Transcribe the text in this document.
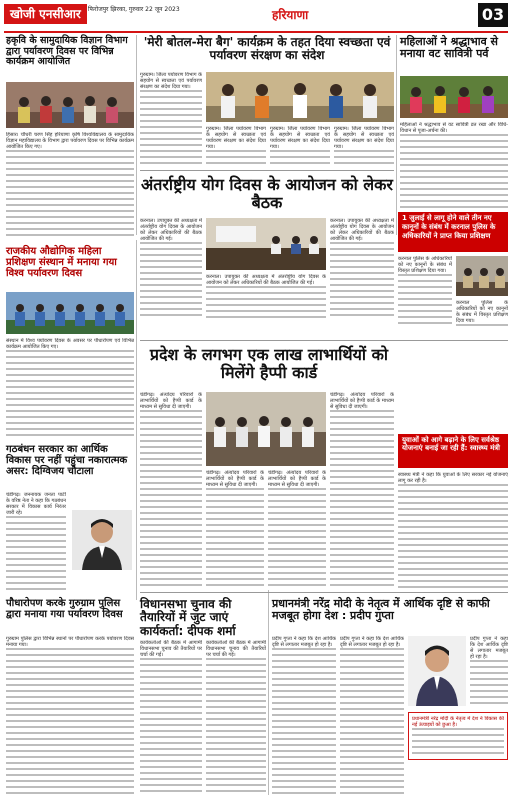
खोजी एनसीआर	फिरोजपुर झिरका, गुरुवार 22 जून 2023	हरियाणा	03
हकृवि के सामुदायिक विज्ञान विभाग द्वारा पर्यावरण दिवस पर विभिन्न कार्यक्रम आयोजित
हिसार। चौधरी चरण सिंह हरियाणा कृषि विश्वविद्यालय के सामुदायिक विज्ञान महाविद्यालय के विभाग द्वारा पर्यावरण दिवस पर विभिन्न कार्यक्रम आयोजित किए गए।
'मेरी बोतल-मेरा बैग' कार्यक्रम के तहत दिया स्वच्छता एवं पर्यावरण संरक्षण का संदेश
गुरुग्राम। जिला पर्यावरण विभाग के सहयोग से स्वच्छता एवं पर्यावरण संरक्षण का संदेश दिया गया।
गुरुग्राम। जिला पर्यावरण विभाग के सहयोग से स्वच्छता एवं पर्यावरण संरक्षण का संदेश दिया गया।
गुरुग्राम। जिला पर्यावरण विभाग के सहयोग से स्वच्छता एवं पर्यावरण संरक्षण का संदेश दिया गया।
गुरुग्राम। जिला पर्यावरण विभाग के सहयोग से स्वच्छता एवं पर्यावरण संरक्षण का संदेश दिया गया।
महिलाओं ने श्रद्धाभाव से मनाया वट सावित्री पर्व
महिलाओं ने श्रद्धाभाव से वट सावित्री व्रत रखा और विधि-विधान से पूजा-अर्चना की।
अंतर्राष्ट्रीय योग दिवस के आयोजन को लेकर बैठक
करनाल। उपायुक्त की अध्यक्षता में अंतर्राष्ट्रीय योग दिवस के आयोजन को लेकर अधिकारियों की बैठक आयोजित की गई।
करनाल। उपायुक्त की अध्यक्षता में अंतर्राष्ट्रीय योग दिवस के आयोजन को लेकर अधिकारियों की बैठक आयोजित की गई।
करनाल। उपायुक्त की अध्यक्षता में अंतर्राष्ट्रीय योग दिवस के आयोजन को लेकर अधिकारियों की बैठक आयोजित की गई।
1 जुलाई से लागू होने वाले तीन नए कानूनों के संबंध में करनाल पुलिस के अधिकारियों ने प्राप्त किया प्रशिक्षण
करनाल पुलिस के अधिकारियों को नए कानूनों के संबंध में विस्तृत प्रशिक्षण दिया गया।
करनाल पुलिस के अधिकारियों को नए कानूनों के संबंध में विस्तृत प्रशिक्षण दिया गया।
राजकीय औद्योगिक महिला प्रशिक्षण संस्थान में मनाया गया विश्व पर्यावरण दिवस
संस्थान में विश्व पर्यावरण दिवस के अवसर पर पौधारोपण एवं विभिन्न कार्यक्रम आयोजित किए गए।
गठबंधन सरकार का आर्थिक विकास पर नहीं पहुंचा नकारात्मक असर: दिग्विजय चौटाला
चंडीगढ़। जननायक जनता पार्टी के वरिष्ठ नेता ने कहा कि गठबंधन सरकार में विकास कार्य निरंतर जारी रहे।
प्रदेश के लगभग एक लाख लाभार्थियों को मिलेंगे हैप्पी कार्ड
चंडीगढ़। अंत्योदय परिवारों के लाभार्थियों को हैप्पी कार्ड के माध्यम से सुविधा दी जाएगी।
चंडीगढ़। अंत्योदय परिवारों के लाभार्थियों को हैप्पी कार्ड के माध्यम से सुविधा दी जाएगी।
चंडीगढ़। अंत्योदय परिवारों के लाभार्थियों को हैप्पी कार्ड के माध्यम से सुविधा दी जाएगी।
चंडीगढ़। अंत्योदय परिवारों के लाभार्थियों को हैप्पी कार्ड के माध्यम से सुविधा दी जाएगी।
युवाओं को आगे बढ़ाने के लिए सर्वश्रेष्ठ योजनाएं बनाई जा रही हैं: स्वास्थ्य मंत्री
स्वास्थ्य मंत्री ने कहा कि युवाओं के लिए सरकार नई योजनाएं लागू कर रही है।
पौधारोपण करके गुरुग्राम पुलिस द्वारा मनाया गया पर्यावरण दिवस
गुरुग्राम पुलिस द्वारा विभिन्न स्थानों पर पौधारोपण करके पर्यावरण दिवस मनाया गया।
विधानसभा चुनाव की तैयारियों में जुट जाएं कार्यकर्ता: दीपक शर्मा
कार्यकर्ताओं की बैठक में आगामी विधानसभा चुनाव की तैयारियों पर चर्चा की गई।
कार्यकर्ताओं की बैठक में आगामी विधानसभा चुनाव की तैयारियों पर चर्चा की गई।
प्रधानमंत्री नरेंद्र मोदी के नेतृत्व में आर्थिक दृष्टि से काफी मजबूत होगा देश : प्रदीप गुप्ता
प्रदीप गुप्ता ने कहा कि देश आर्थिक दृष्टि से लगातार मजबूत हो रहा है।
प्रदीप गुप्ता ने कहा कि देश आर्थिक दृष्टि से लगातार मजबूत हो रहा है।
प्रधानमंत्री नरेंद्र मोदी के नेतृत्व में देश ने विकास की नई ऊंचाइयों को छुआ है।
प्रदीप गुप्ता ने कहा कि देश आर्थिक दृष्टि से लगातार मजबूत हो रहा है।
